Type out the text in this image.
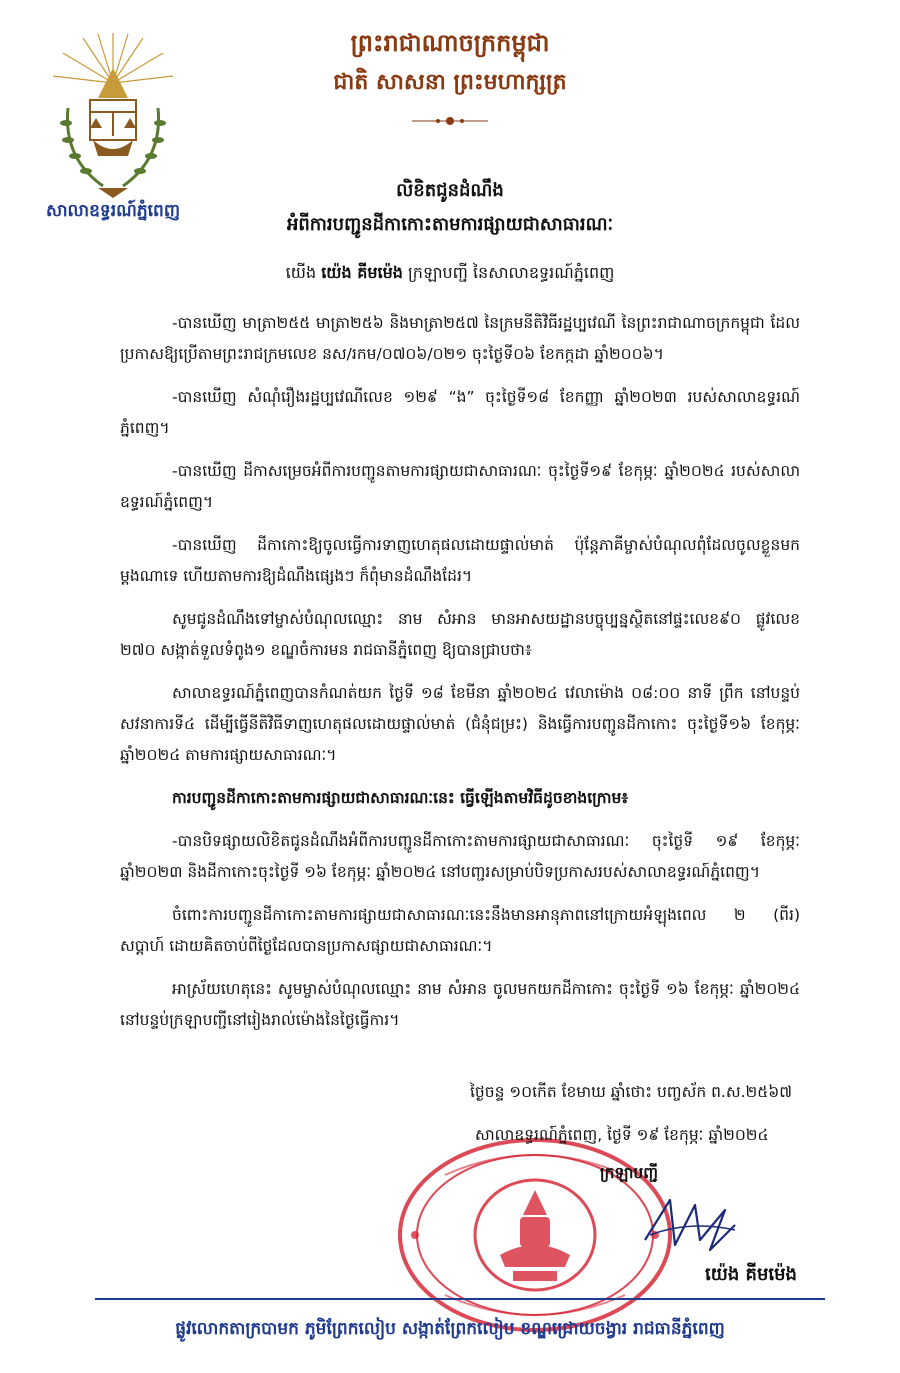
សាលាឧទ្ធរណ៍ភ្នំពេញ
ព្រះរាជាណាចក្រកម្ពុជា
ជាតិ សាសនា ព្រះមហាក្សត្រ
លិខិតជូនដំណឹង
អំពីការបញ្ជូនដីកាកោះតាមការផ្សាយជាសាធារណៈ
យើង យ៉េង គីមម៉េង ក្រឡាបញ្ជី នៃសាលាឧទ្ធរណ៍ភ្នំពេញ

-បានឃើញ មាត្រា២៥៥ មាត្រា២៥៦ និងមាត្រា២៥៧ នៃក្រមនីតិវិធីរដ្ឋប្បវេណី នៃព្រះរាជាណាចក្រកម្ពុជា ដែលប្រកាសឱ្យប្រើតាមព្រះរាជក្រមលេខ នស/រកម/០៧០៦/០២១ ចុះថ្ងៃទី០៦ ខែកក្កដា ឆ្នាំ២០០៦។

-បានឃើញ សំណុំរឿងរដ្ឋប្បវេណីលេខ ១២៩ “ង” ចុះថ្ងៃទី១៨ ខែកញ្ញា ឆ្នាំ២០២៣ របស់សាលាឧទ្ធរណ៍ភ្នំពេញ។

-បានឃើញ ដីកាសម្រេចអំពីការបញ្ជូនតាមការផ្សាយជាសាធារណៈ ចុះថ្ងៃទី១៩ ខែកុម្ភៈ ឆ្នាំ២០២៤ របស់សាលាឧទ្ធរណ៍ភ្នំពេញ។

-បានឃើញ ដីកាកោះឱ្យចូលធ្វើការទាញហេតុផលដោយផ្ទាល់មាត់ ប៉ុន្តែភាគីម្ចាស់បំណុលពុំដែលចូលខ្លួនមកម្តងណាទេ ហើយតាមការឱ្យដំណឹងផ្សេងៗ ក៏ពុំមានដំណឹងដែរ។

សូមជូនដំណឹងទៅម្ចាស់បំណុលឈ្មោះ នាម សំអាន មានអាសយដ្ឋានបច្ចុប្បន្នស្ថិតនៅផ្ទះលេខ៩០ ផ្លូវលេខ ២៧០ សង្កាត់ទួលទំពូង១ ខណ្ឌចំការមន រាជធានីភ្នំពេញ ឱ្យបានជ្រាបថា៖

សាលាឧទ្ធរណ៍ភ្នំពេញបានកំណត់យក ថ្ងៃទី ១៨ ខែមីនា ឆ្នាំ២០២៤ វេលាម៉ោង ០៨:០០ នាទី ព្រឹក នៅបន្ទប់សវនាការទី៤ ដើម្បីធ្វើនីតិវិធីទាញហេតុផលដោយផ្ទាល់មាត់ (ជំនុំជម្រះ) និងធ្វើការបញ្ជូនដីកាកោះ ចុះថ្ងៃទី១៦ ខែកុម្ភៈ ឆ្នាំ២០២៤ តាមការផ្សាយសាធារណៈ។

ការបញ្ជូនដីកាកោះតាមការផ្សាយជាសាធារណៈនេះ ធ្វើឡើងតាមវិធីដូចខាងក្រោម៖

-បានបិទផ្សាយលិខិតជូនដំណឹងអំពីការបញ្ជូនដីកាកោះតាមការផ្សាយជាសាធារណៈ ចុះថ្ងៃទី ១៩ ខែកុម្ភៈ ឆ្នាំ២០២៣ និងដីកាកោះចុះថ្ងៃទី ១៦ ខែកុម្ភៈ ឆ្នាំ២០២៤ នៅបញ្ជរសម្រាប់បិទប្រកាសរបស់សាលាឧទ្ធរណ៍ភ្នំពេញ។

ចំពោះការបញ្ជូនដីកាកោះតាមការផ្សាយជាសាធារណៈនេះនឹងមានអានុភាពនៅក្រោយអំឡុងពេល ២ (ពីរ) សប្តាហ៍ ដោយគិតចាប់ពីថ្ងៃដែលបានប្រកាសផ្សាយជាសាធារណៈ។

អាស្រ័យហេតុនេះ សូមម្ចាស់បំណុលឈ្មោះ នាម សំអាន ចូលមកយកដីកាកោះ ចុះថ្ងៃទី ១៦ ខែកុម្ភៈ ឆ្នាំ២០២៤ នៅបន្ទប់ក្រឡាបញ្ជីនៅរៀងរាល់ម៉ោងនៃថ្ងៃធ្វើការ។

ថ្ងៃចន្ទ ១០កើត ខែមាឃ ឆ្នាំថោះ បញ្ចស័ក ព.ស.២៥៦៧
សាលាឧទ្ធរណ៍ភ្នំពេញ, ថ្ងៃទី ១៩ ខែកុម្ភៈ ឆ្នាំ២០២៤
ក្រឡាបញ្ជី
យ៉េង គីមម៉េង
ផ្លូវលោកតាក្របាមក ភូមិព្រែកលៀប សង្កាត់ព្រែកលៀប ខណ្ឌជ្រោយចង្វារ រាជធានីភ្នំពេញ
